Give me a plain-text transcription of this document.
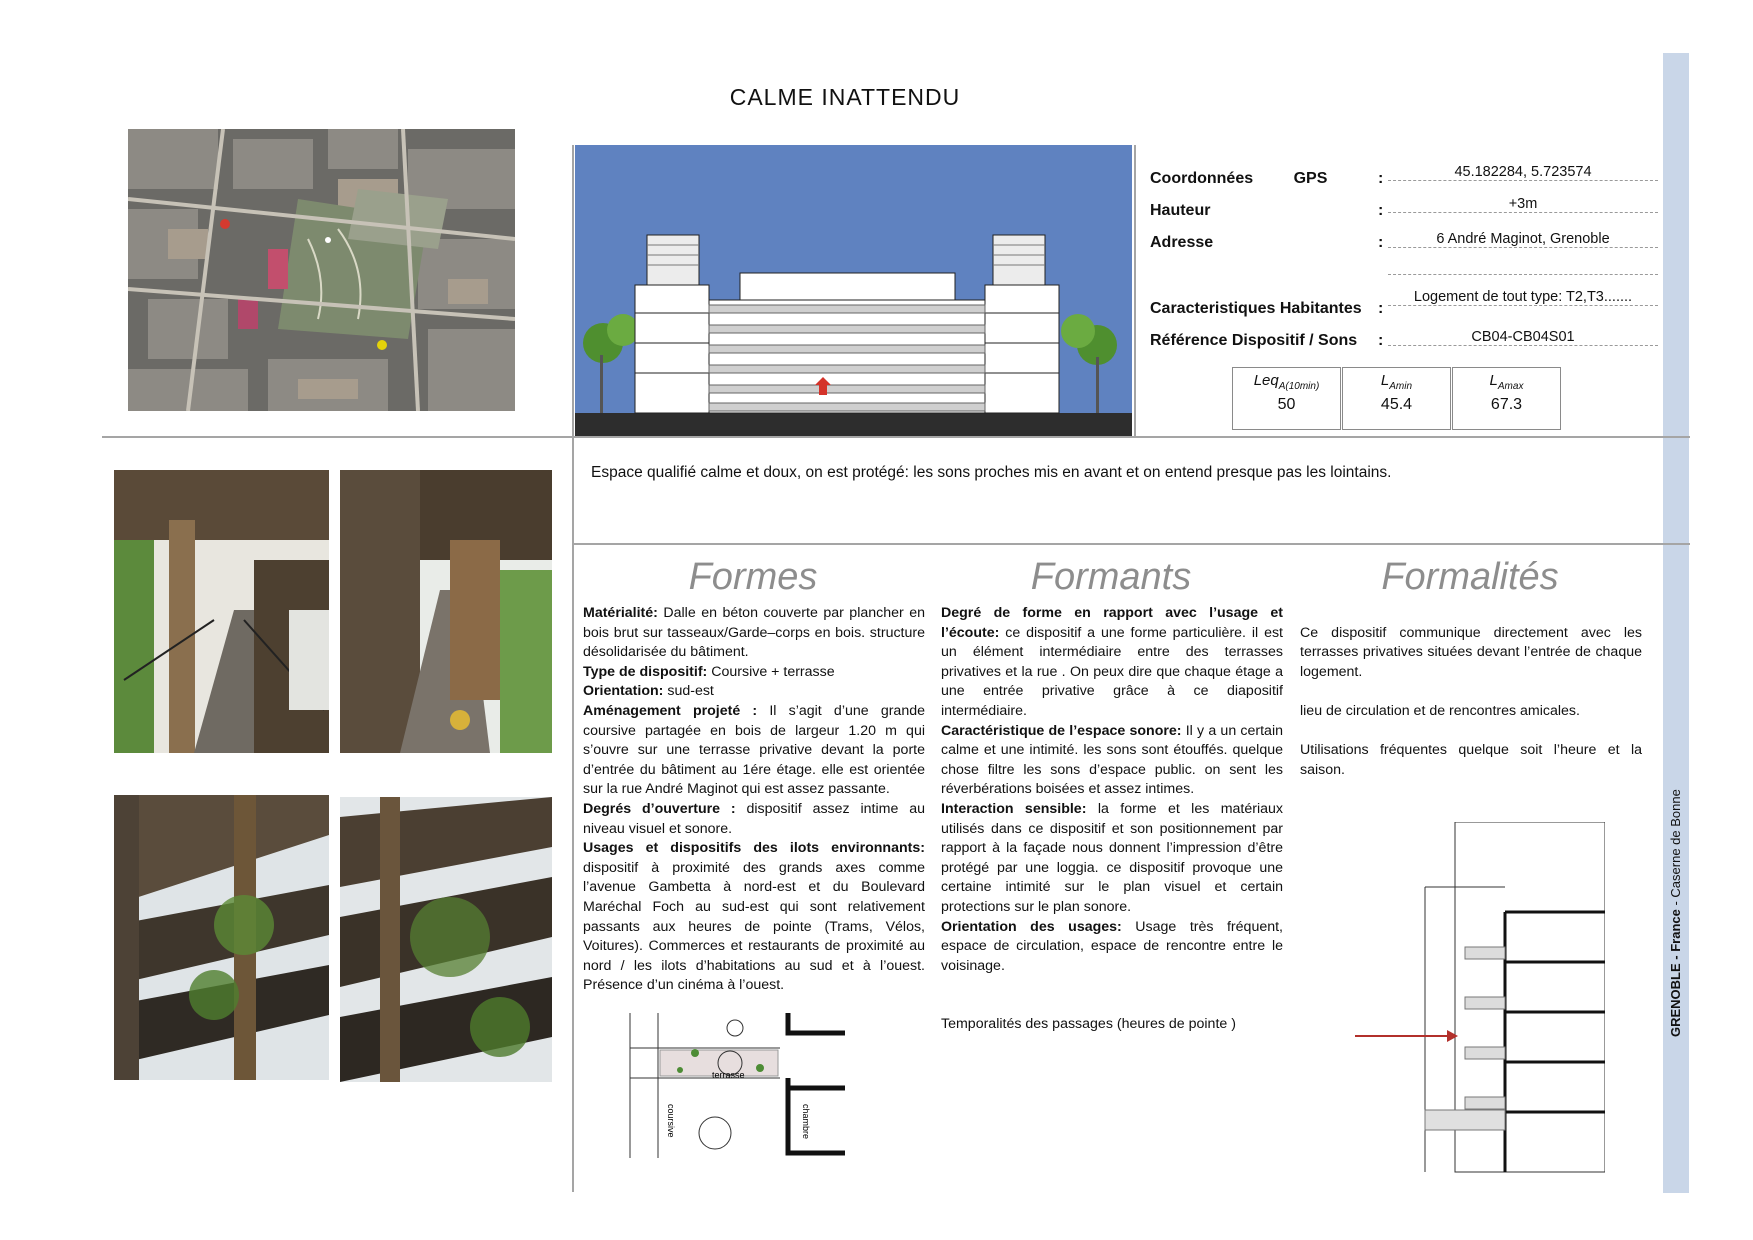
CALME INATTENDU
GRENOBLE - France - Caserne de Bonne
Coordonnées	GPS	:	45.182284, 5.723574
Hauteur	:	+3m
Adresse	:	6 André Maginot, Grenoble
Caracteristiques Habitantes :
Logement de tout type: T2,T3.......
Référence Dispositif / Sons :	CB04-CB04S01
Leq$_{A(10min)}$
50
$L_{Amin}$
45.4
$L_{Amax}$
67.3
Espace qualifié calme et doux, on est protégé: les sons proches mis en avant et on entend presque pas les lointains.
Formes	Formants	Formalités

Matérialité: Dalle en béton couverte par plancher en bois brut sur tasseaux/Garde–corps en bois. structure désolidarisée du bâtiment.

Type de dispositif: Coursive + terrasse

Orientation: sud-est

Aménagement projeté : Il s’agit d’une grande coursive partagée en bois de largeur 1.20 m qui s’ouvre sur une terrasse privative devant la porte d’entrée du bâtiment au 1ére étage. elle est orientée sur la rue André Maginot qui est assez passante.

Degrés d’ouverture : dispositif assez intime au niveau visuel et sonore.

Usages et dispositifs des ilots environnants: dispositif à proximité des grands axes comme l’avenue Gambetta à nord-est et du Boulevard Maréchal Foch au sud-est qui sont relativement passants aux heures de pointe (Trams, Vélos, Voitures). Commerces et restaurants de proximité au nord / les ilots d’habitations au sud et à l’ouest. Présence d’un cinéma à l’ouest.

Degré de forme en rapport avec l’usage et l’écoute: ce dispositif a une forme particulière. il est un élément intermédiaire entre des terrasses privatives et la rue . On peux dire que chaque étage a une entrée privative grâce à ce diapositif intermédiaire.

Caractéristique de l’espace sonore: Il y a un certain calme et une intimité. les sons sont étouffés. quelque chose filtre les sons d’espace public. on sent les réverbérations boisées et assez intimes.

Interaction sensible: la forme et les matériaux utilisés dans ce dispositif et son positionnement par rapport à la façade nous donnent l’impression d’être protégé par une loggia. ce dispositif provoque une certaine intimité sur le plan visuel et certain protections sur le plan sonore.

Orientation des usages: Usage très fréquent, espace de circulation, espace de rencontre entre le voisinage.

Temporalités des passages (heures de pointe )

Ce dispositif communique directement avec les terrasses privatives situées devant l’entrée de chaque logement.

lieu de circulation et de rencontres amicales.

Utilisations fréquentes quelque soit l’heure et la saison.

terrasse
coursive	chambre
